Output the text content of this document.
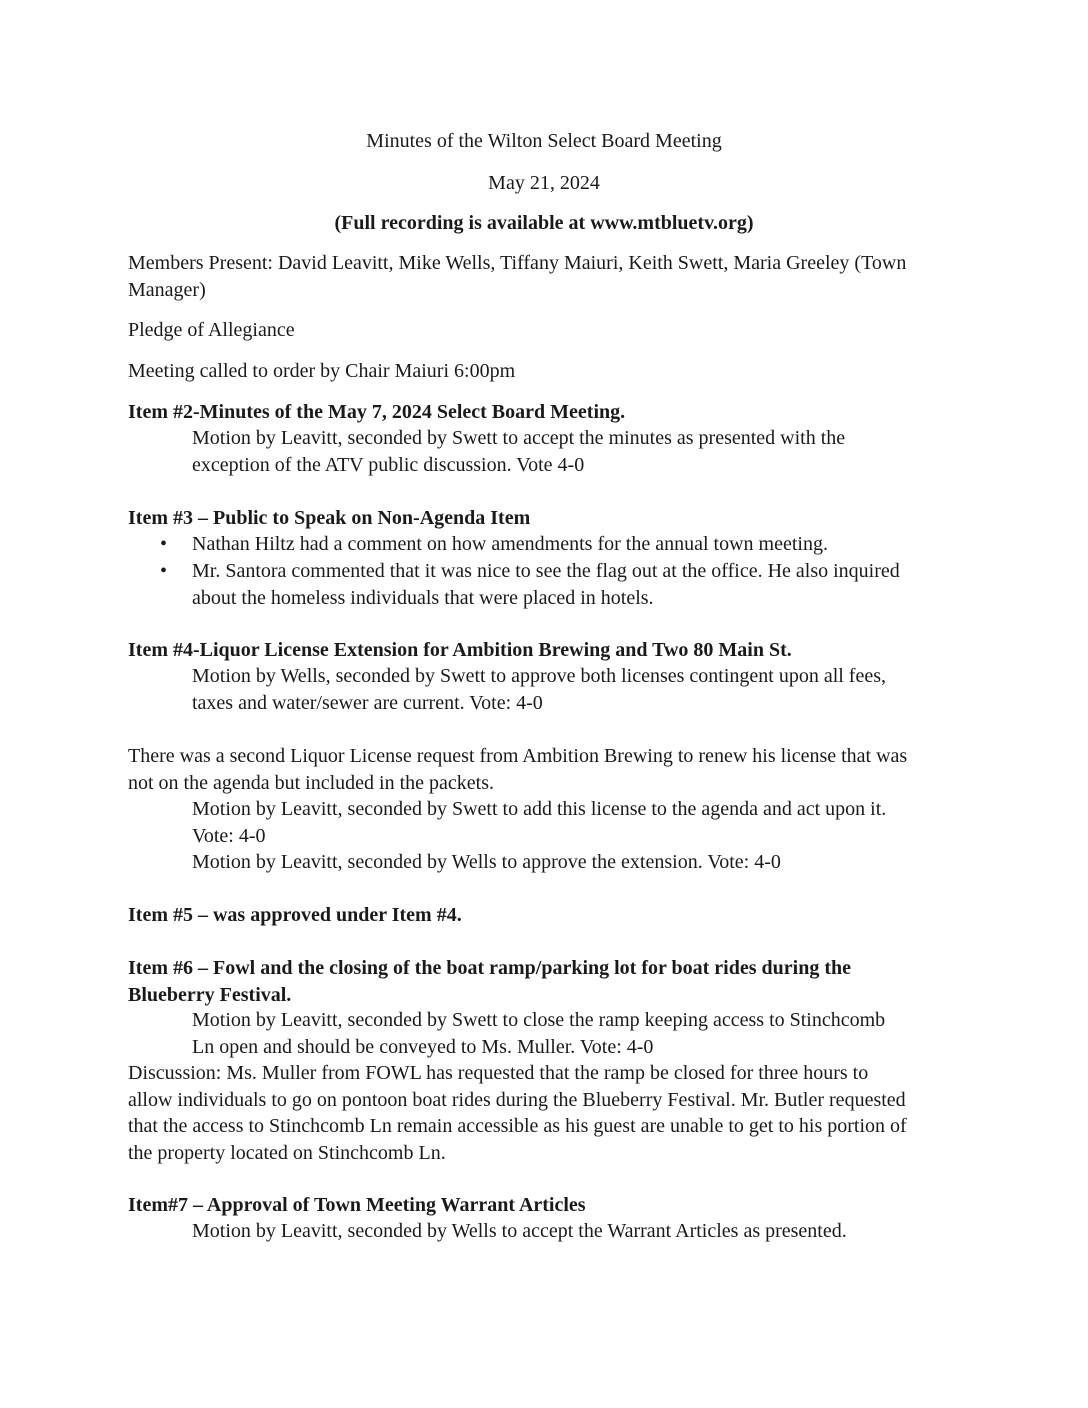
Minutes of the Wilton Select Board Meeting
May 21, 2024
(Full recording is available at www.mtbluetv.org)
Members Present: David Leavitt, Mike Wells, Tiffany Maiuri, Keith Swett, Maria Greeley (Town
Manager)
Pledge of Allegiance
Meeting called to order by Chair Maiuri 6:00pm
Item #2-Minutes of the May 7, 2024 Select Board Meeting.
Motion by Leavitt, seconded by Swett to accept the minutes as presented with the
exception of the ATV public discussion. Vote 4-0
Item #3 – Public to Speak on Non-Agenda Item
• Nathan Hiltz had a comment on how amendments for the annual town meeting.
• Mr. Santora commented that it was nice to see the flag out at the office. He also inquired
about the homeless individuals that were placed in hotels.
Item #4-Liquor License Extension for Ambition Brewing and Two 80 Main St.
Motion by Wells, seconded by Swett to approve both licenses contingent upon all fees,
taxes and water/sewer are current. Vote: 4-0
There was a second Liquor License request from Ambition Brewing to renew his license that was
not on the agenda but included in the packets.
Motion by Leavitt, seconded by Swett to add this license to the agenda and act upon it.
Vote: 4-0
Motion by Leavitt, seconded by Wells to approve the extension. Vote: 4-0
Item #5 – was approved under Item #4.
Item #6 – Fowl and the closing of the boat ramp/parking lot for boat rides during the
Blueberry Festival.
Motion by Leavitt, seconded by Swett to close the ramp keeping access to Stinchcomb
Ln open and should be conveyed to Ms. Muller. Vote: 4-0
Discussion: Ms. Muller from FOWL has requested that the ramp be closed for three hours to
allow individuals to go on pontoon boat rides during the Blueberry Festival. Mr. Butler requested
that the access to Stinchcomb Ln remain accessible as his guest are unable to get to his portion of
the property located on Stinchcomb Ln.
Item#7 – Approval of Town Meeting Warrant Articles
Motion by Leavitt, seconded by Wells to accept the Warrant Articles as presented.
